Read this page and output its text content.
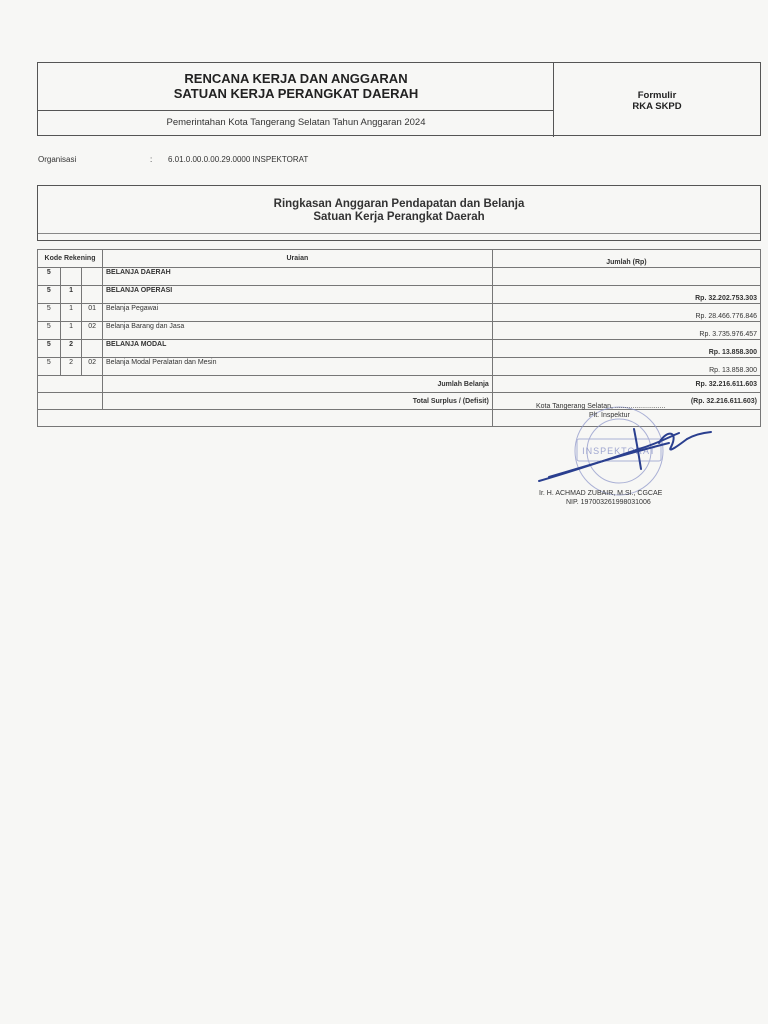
RENCANA KERJA DAN ANGGARAN
SATUAN KERJA PERANGKAT DAERAH
Pemerintahan Kota Tangerang Selatan Tahun Anggaran 2024
Formulir
RKA SKPD
Organisasi	: 6.01.0.00.0.00.29.0000 INSPEKTORAT
Ringkasan Anggaran Pendapatan dan Belanja
Satuan Kerja Perangkat Daerah
Kode Rekening			Uraian	Jumlah (Rp)
5			BELANJA DAERAH	
5	1		BELANJA OPERASI	Rp. 32.202.753.303
5	1	01	Belanja Pegawai	Rp. 28.466.776.846
5	1	02	Belanja Barang dan Jasa	Rp. 3.735.976.457
5	2		BELANJA MODAL	Rp. 13.858.300
5	2	02	Belanja Modal Peralatan dan Mesin	Rp. 13.858.300
			Jumlah Belanja	Rp. 32.216.611.603
			Total Surplus / (Defisit)	(Rp. 32.216.611.603)

INSPEKTORAT
Kota Tangerang Selatan, ..........................
Plt. Inspektur
Ir. H. ACHMAD ZUBAIR, M.SI., CGCAE
NIP. 197003261998031006
